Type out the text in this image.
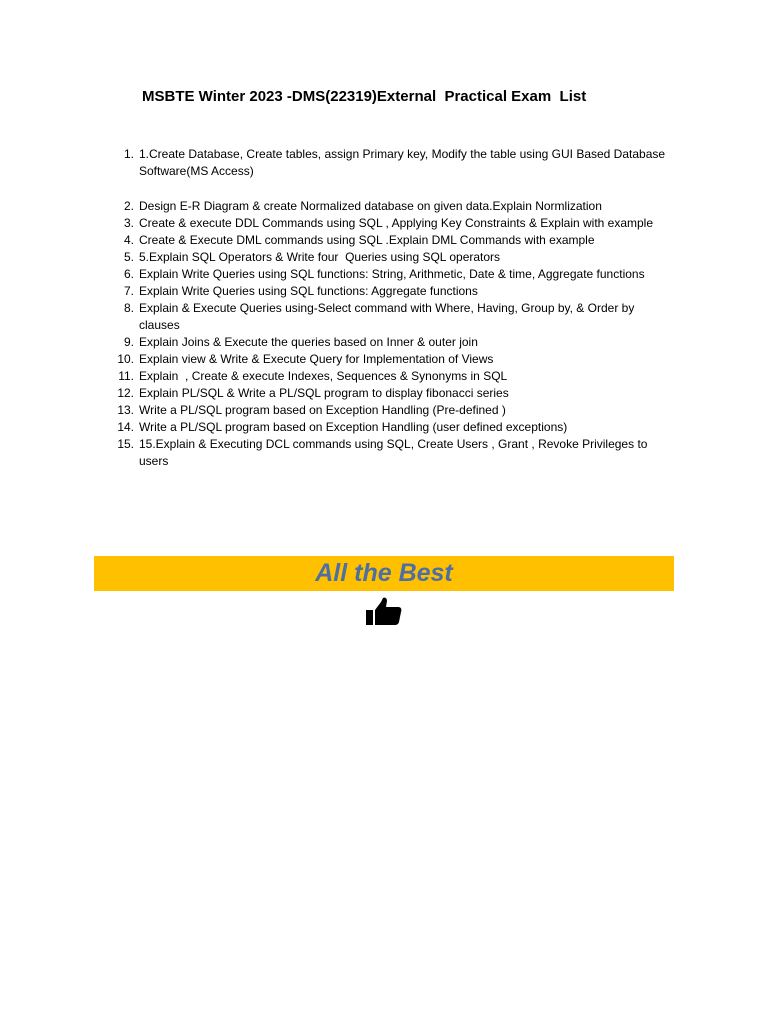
MSBTE Winter 2023 -DMS(22319)External  Practical Exam  List
1. 1.Create Database, Create tables, assign Primary key, Modify the table using GUI Based Database Software(MS Access)
2. Design E-R Diagram & create Normalized database on given data.Explain Normlization
3. Create & execute DDL Commands using SQL , Applying Key Constraints & Explain with example
4. Create & Execute DML commands using SQL .Explain DML Commands with example
5. 5.Explain SQL Operators & Write four  Queries using SQL operators
6. Explain Write Queries using SQL functions: String, Arithmetic, Date & time, Aggregate functions
7. Explain Write Queries using SQL functions: Aggregate functions
8. Explain & Execute Queries using-Select command with Where, Having, Group by, & Order by clauses
9. Explain Joins & Execute the queries based on Inner & outer join
10. Explain view & Write & Execute Query for Implementation of Views
11. Explain  , Create & execute Indexes, Sequences & Synonyms in SQL
12. Explain PL/SQL & Write a PL/SQL program to display fibonacci series
13. Write a PL/SQL program based on Exception Handling (Pre-defined )
14. Write a PL/SQL program based on Exception Handling (user defined exceptions)
15. 15.Explain & Executing DCL commands using SQL, Create Users , Grant , Revoke Privileges to users
All the Best
